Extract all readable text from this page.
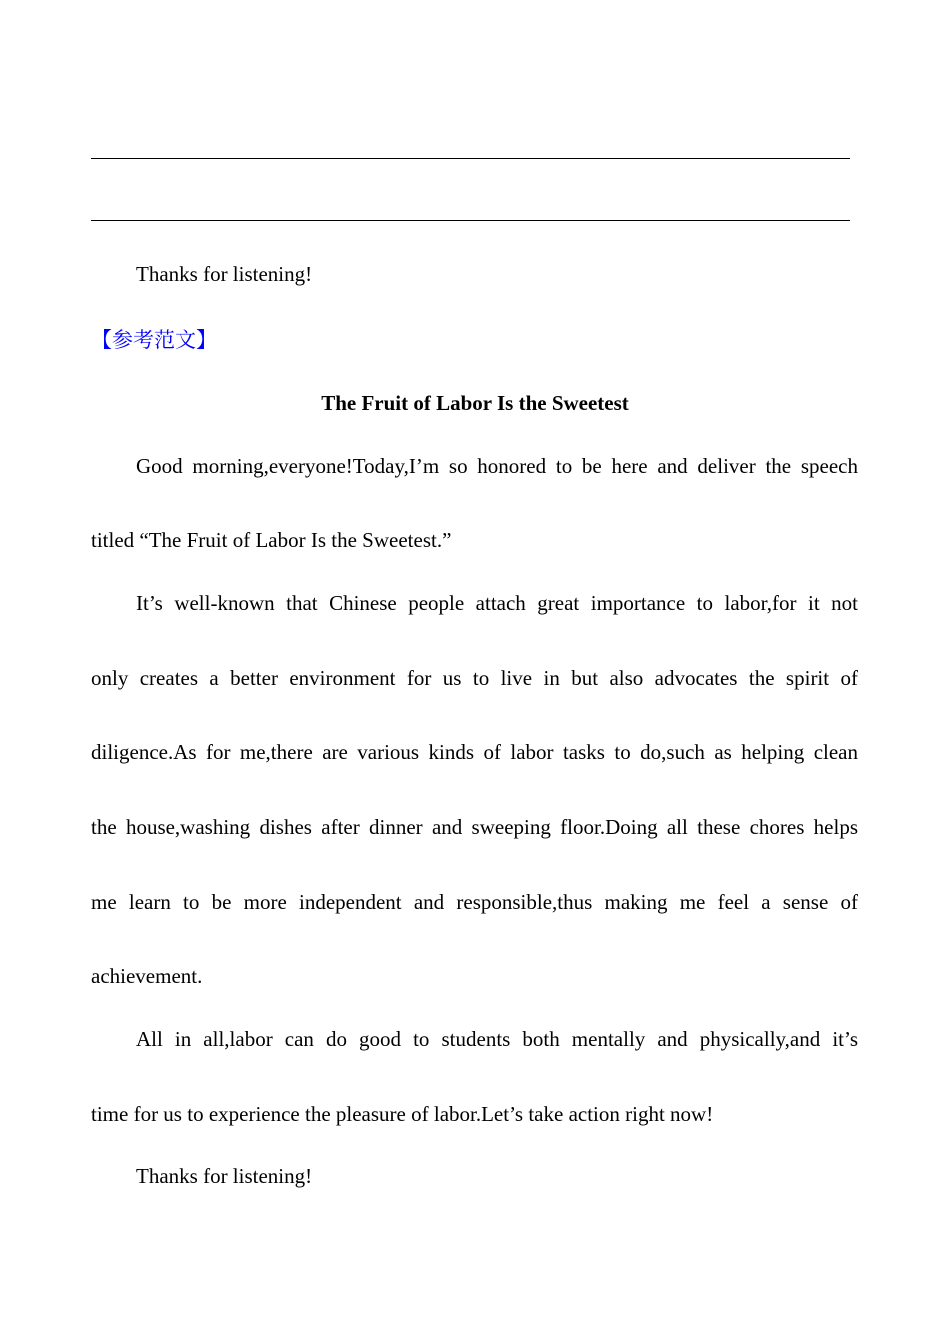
Thanks for listening!
【参考范文】
The Fruit of Labor Is the Sweetest
Good morning,everyone!Today,I’m so honored to be here and deliver the speech
titled “The Fruit of Labor Is the Sweetest.”
It’s well-known that Chinese people attach great importance to labor,for it not
only creates a better environment for us to live in but also advocates the spirit of
diligence.As for me,there are various kinds of labor tasks to do,such as helping clean
the house,washing dishes after dinner and sweeping floor.Doing all these chores helps
me learn to be more independent and responsible,thus making me feel a sense of
achievement.
All in all,labor can do good to students both mentally and physically,and it’s
time for us to experience the pleasure of labor.Let’s take action right now!
Thanks for listening!
